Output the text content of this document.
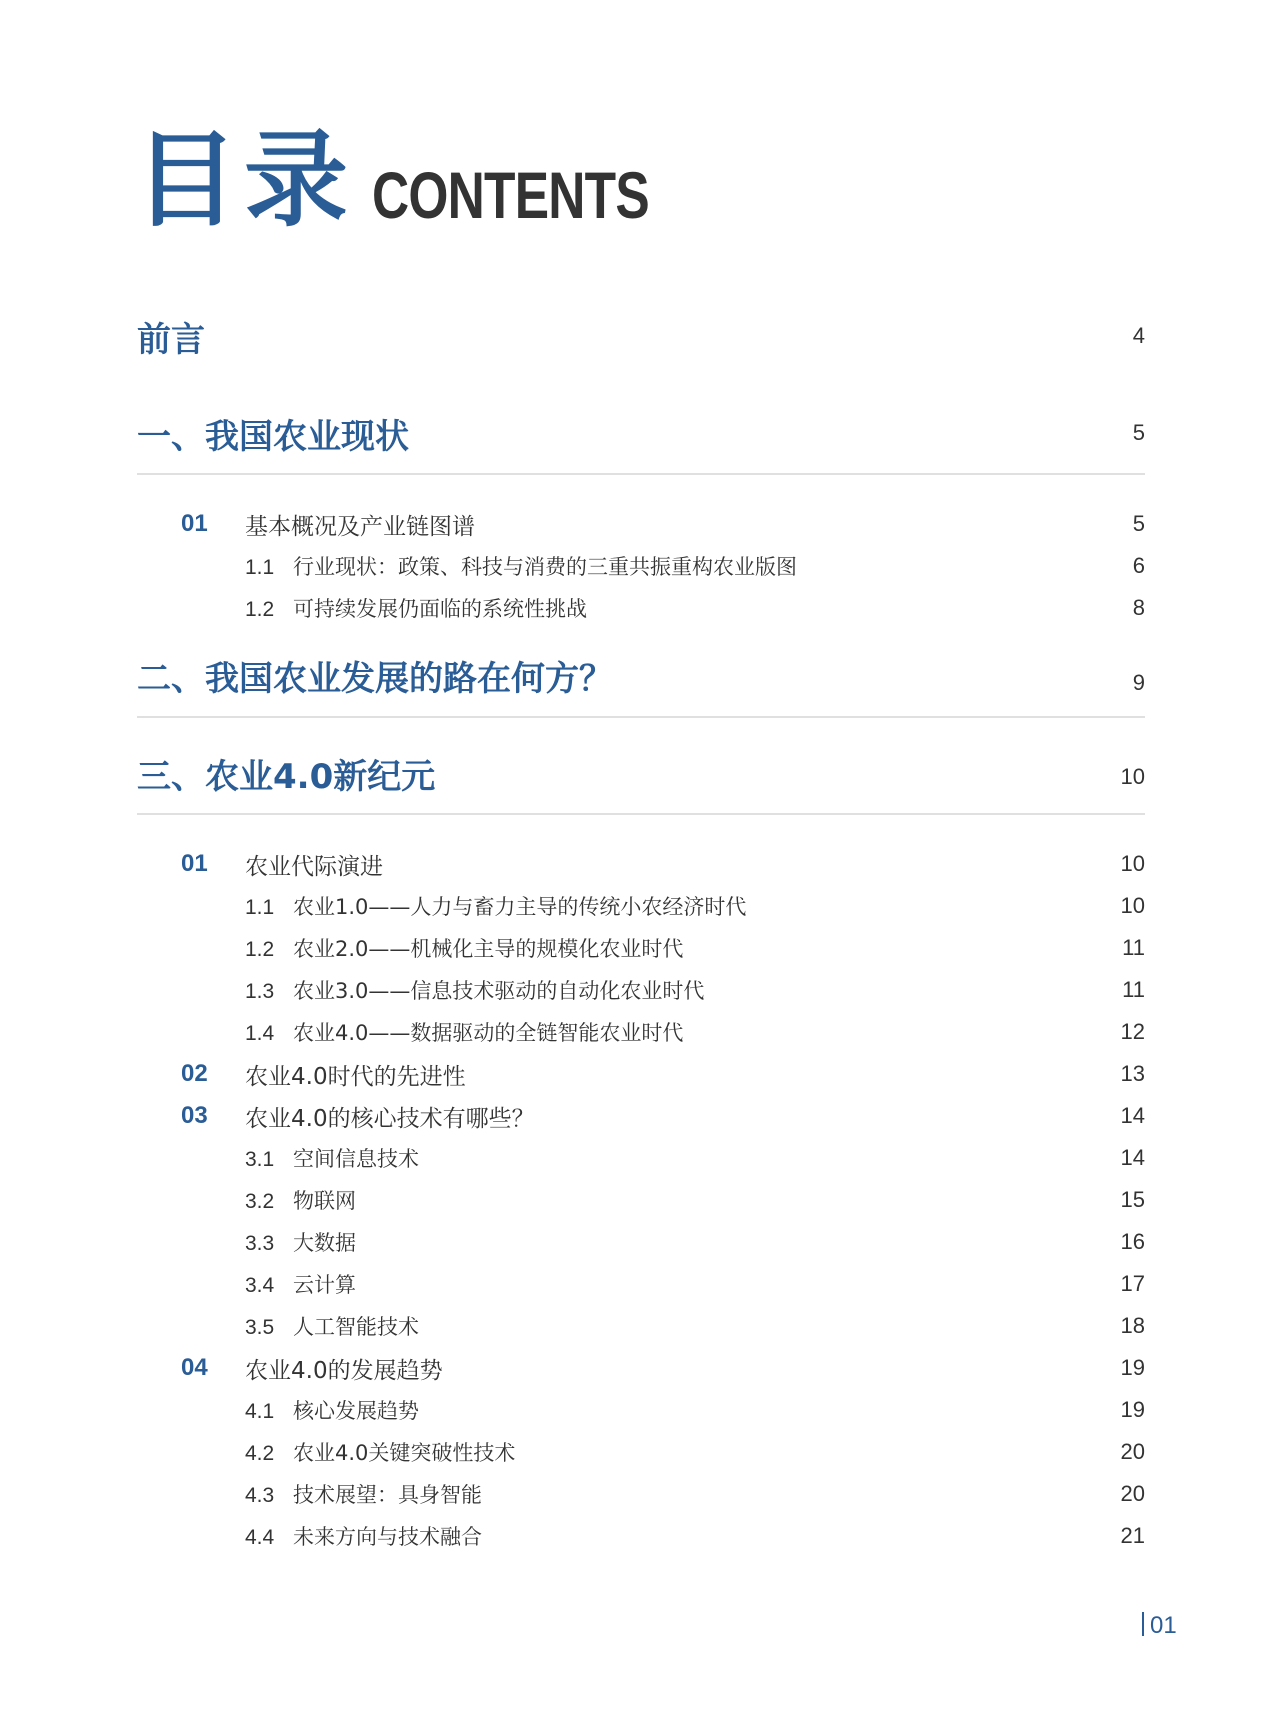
目录 CONTENTS
前言	4
一、我国农业现状	5
01 基本概况及产业链图谱	5
1.1 行业现状：政策、科技与消费的三重共振重构农业版图	6
1.2 可持续发展仍面临的系统性挑战	8
二、我国农业发展的路在何方？	9
三、农业4.0新纪元	10
01 农业代际演进	10
1.1 农业1.0——人力与畜力主导的传统小农经济时代	10
1.2 农业2.0——机械化主导的规模化农业时代	11
1.3 农业3.0——信息技术驱动的自动化农业时代	11
1.4 农业4.0——数据驱动的全链智能农业时代	12
02 农业4.0时代的先进性	13
03 农业4.0的核心技术有哪些？	14
3.1 空间信息技术	14
3.2 物联网	15
3.3 大数据	16
3.4 云计算	17
3.5 人工智能技术	18
04 农业4.0的发展趋势	19
4.1 核心发展趋势	19
4.2 农业4.0关键突破性技术	20
4.3 技术展望：具身智能	20
4.4 未来方向与技术融合	21
01
